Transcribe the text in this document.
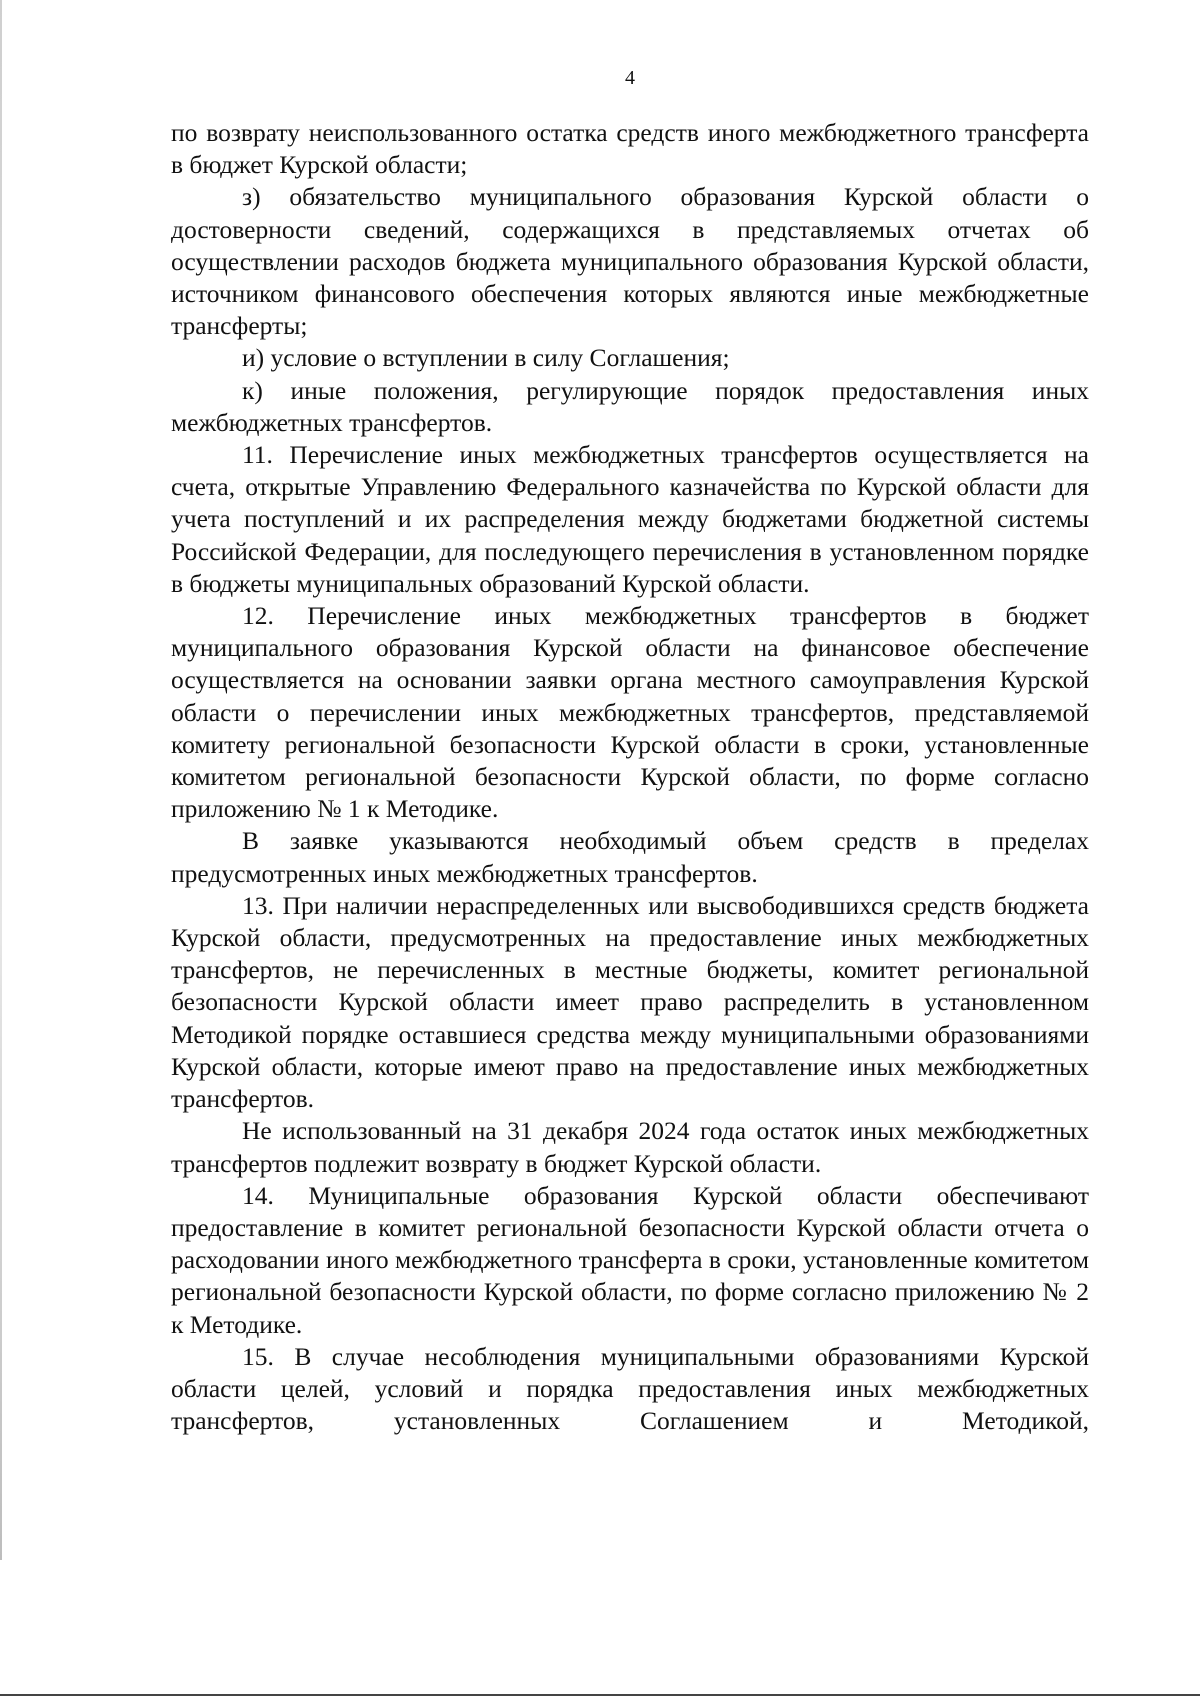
4

по возврату неиспользованного остатка средств иного межбюджетного трансферта в бюджет Курской области;

з) обязательство муниципального образования Курской области о достоверности сведений, содержащихся в представляемых отчетах об осуществлении расходов бюджета муниципального образования Курской области, источником финансового обеспечения которых являются иные межбюджетные трансферты;

и) условие о вступлении в силу Соглашения;

к) иные положения, регулирующие порядок предоставления иных межбюджетных трансфертов.

11. Перечисление иных межбюджетных трансфертов осуществляется на счета, открытые Управлению Федерального казначейства по Курской области для учета поступлений и их распределения между бюджетами бюджетной системы Российской Федерации, для последующего перечисления в установленном порядке в бюджеты муниципальных образований Курской области.

12. Перечисление иных межбюджетных трансфертов в бюджет муниципального образования Курской области на финансовое обеспечение осуществляется на основании заявки органа местного самоуправления Курской области о перечислении иных межбюджетных трансфертов, представляемой комитету региональной безопасности Курской области в сроки, установленные комитетом региональной безопасности Курской области, по форме согласно приложению № 1 к Методике.

В заявке указываются необходимый объем средств в пределах предусмотренных иных межбюджетных трансфертов.

13. При наличии нераспределенных или высвободившихся средств бюджета Курской области, предусмотренных на предоставление иных межбюджетных трансфертов, не перечисленных в местные бюджеты, комитет региональной безопасности Курской области имеет право распределить в установленном Методикой порядке оставшиеся средства между муниципальными образованиями Курской области, которые имеют право на предоставление иных межбюджетных трансфертов.

Не использованный на 31 декабря 2024 года остаток иных межбюджетных трансфертов подлежит возврату в бюджет Курской области.

14. Муниципальные образования Курской области обеспечивают предоставление в комитет региональной безопасности Курской области отчета о расходовании иного межбюджетного трансферта в сроки, установленные комитетом региональной безопасности Курской области, по форме согласно приложению № 2 к Методике.

15. В случае несоблюдения муниципальными образованиями Курской области целей, условий и порядка предоставления иных межбюджетных трансфертов, установленных Соглашением и Методикой,
